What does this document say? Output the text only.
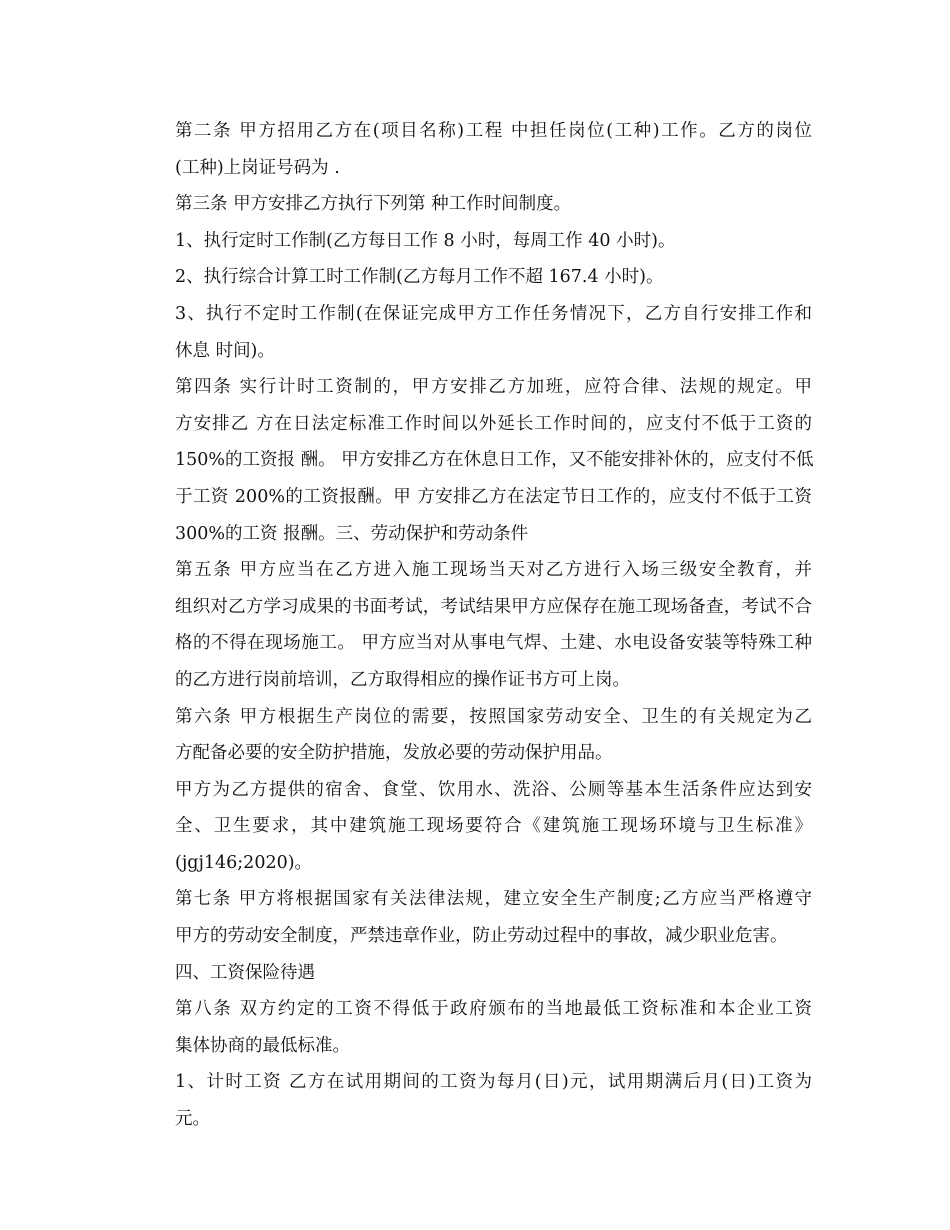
第二条 甲方招用乙方在(项目名称)工程 中担任岗位(工种)工作。乙方的岗位
(工种)上岗证号码为 .

第三条 甲方安排乙方执行下列第 种工作时间制度。

1、执行定时工作制(乙方每日工作 8 小时，每周工作 40 小时)。

2、执行综合计算工时工作制(乙方每月工作不超 167.4 小时)。

3、执行不定时工作制(在保证完成甲方工作任务情况下，乙方自行安排工作和
休息 时间)。

第四条 实行计时工资制的，甲方安排乙方加班，应符合律、法规的规定。甲
方安排乙 方在日法定标准工作时间以外延长工作时间的，应支付不低于工资的
150%的工资报 酬。 甲方安排乙方在休息日工作，又不能安排补休的，应支付不低
于工资 200%的工资报酬。甲 方安排乙方在法定节日工作的，应支付不低于工资
300%的工资 报酬。三、劳动保护和劳动条件

第五条 甲方应当在乙方进入施工现场当天对乙方进行入场三级安全教育，并
组织对乙方学习成果的书面考试，考试结果甲方应保存在施工现场备查，考试不合
格的不得在现场施工。 甲方应当对从事电气焊、土建、水电设备安装等特殊工种
的乙方进行岗前培训，乙方取得相应的操作证书方可上岗。

第六条 甲方根据生产岗位的需要，按照国家劳动安全、卫生的有关规定为乙
方配备必要的安全防护措施，发放必要的劳动保护用品。

甲方为乙方提供的宿舍、食堂、饮用水、洗浴、公厕等基本生活条件应达到安
全、卫生要求，其中建筑施工现场要符合《建筑施工现场环境与卫生标准》
(jgj146;2020)。

第七条 甲方将根据国家有关法律法规，建立安全生产制度;乙方应当严格遵守
甲方的劳动安全制度，严禁违章作业，防止劳动过程中的事故，减少职业危害。

四、工资保险待遇

第八条 双方约定的工资不得低于政府颁布的当地最低工资标准和本企业工资
集体协商的最低标准。

1、计时工资 乙方在试用期间的工资为每月(日)元，试用期满后月(日)工资为
元。
